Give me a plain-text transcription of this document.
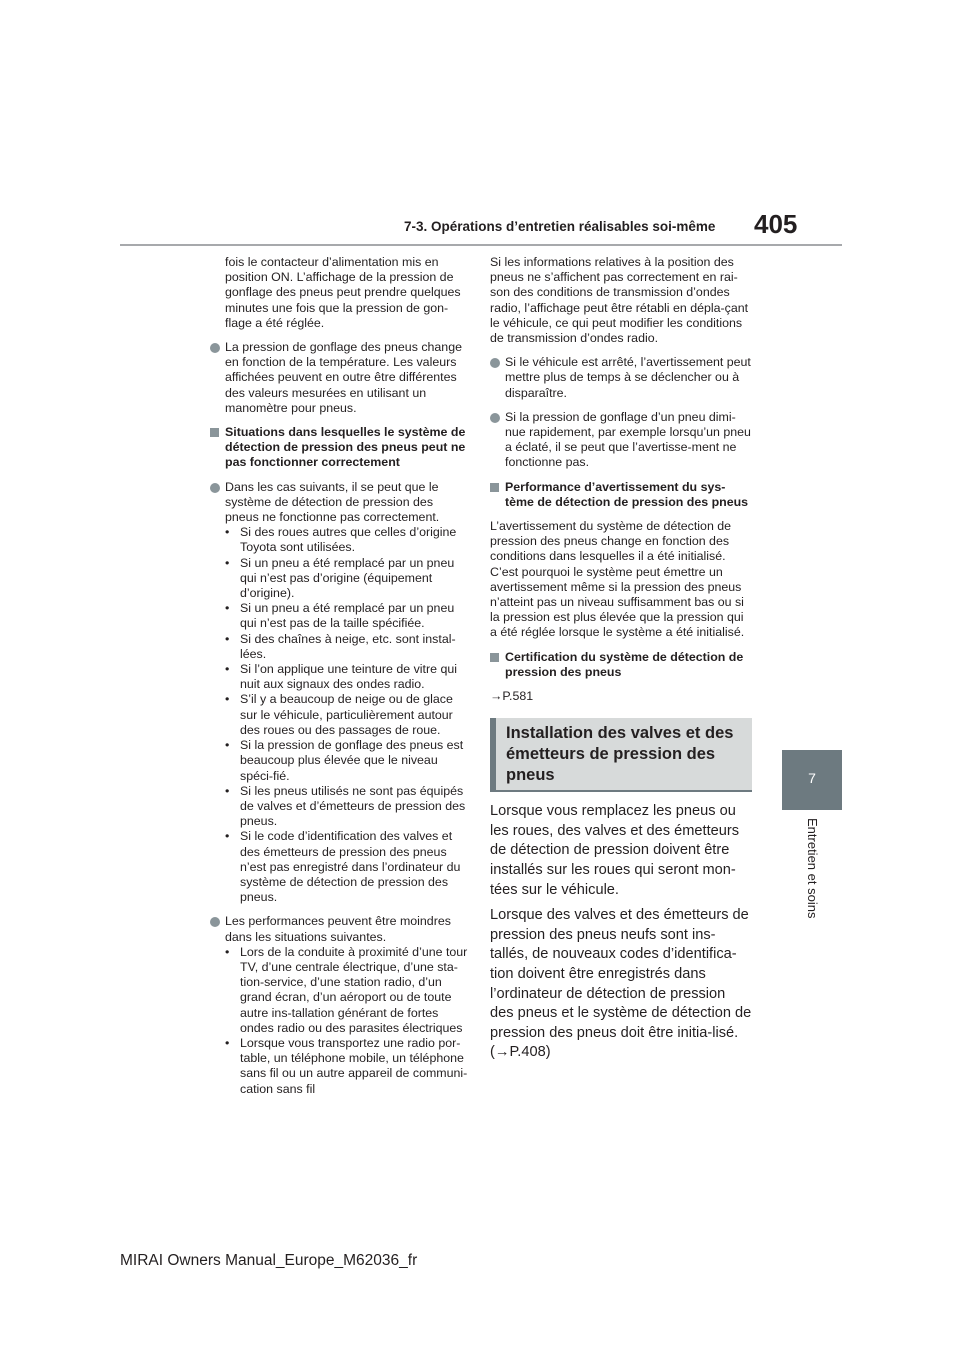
7-3. Opérations d’entretien réalisables soi-même 405
7
Entretien et soins

fois le contacteur d’alimentation mis en position ON. L’affichage de la pression de gonflage des pneus peut prendre quelques minutes une fois que la pression de gon-flage a été réglée.

La pression de gonflage des pneus change en fonction de la température. Les valeurs affichées peuvent en outre être différentes des valeurs mesurées en utilisant un manomètre pour pneus.

Situations dans lesquelles le système de détection de pression des pneus peut ne pas fonctionner correctement

Dans les cas suivants, il se peut que le système de détection de pression des pneus ne fonctionne pas correctement.

• Si des roues autres que celles d’origine Toyota sont utilisées.

• Si un pneu a été remplacé par un pneu qui n’est pas d’origine (équipement d’origine).

• Si un pneu a été remplacé par un pneu qui n’est pas de la taille spécifiée.

• Si des chaînes à neige, etc. sont instal-lées.

• Si l’on applique une teinture de vitre qui nuit aux signaux des ondes radio.

• S’il y a beaucoup de neige ou de glace sur le véhicule, particulièrement autour des roues ou des passages de roue.

• Si la pression de gonflage des pneus est beaucoup plus élevée que le niveau spéci-fié.

• Si les pneus utilisés ne sont pas équipés de valves et d’émetteurs de pression des pneus.

• Si le code d’identification des valves et des émetteurs de pression des pneus n’est pas enregistré dans l’ordinateur du système de détection de pression des pneus.

Les performances peuvent être moindres dans les situations suivantes.

• Lors de la conduite à proximité d’une tour TV, d’une centrale électrique, d’une sta-tion-service, d’une station radio, d’un grand écran, d’un aéroport ou de toute autre ins-tallation générant de fortes ondes radio ou des parasites électriques

• Lorsque vous transportez une radio por-table, un téléphone mobile, un téléphone sans fil ou un autre appareil de communi-cation sans fil

Si les informations relatives à la position des pneus ne s’affichent pas correctement en rai-son des conditions de transmission d’ondes radio, l’affichage peut être rétabli en dépla-çant le véhicule, ce qui peut modifier les conditions de transmission d’ondes radio.

Si le véhicule est arrêté, l’avertissement peut mettre plus de temps à se déclencher ou à disparaître.

Si la pression de gonflage d’un pneu dimi-nue rapidement, par exemple lorsqu’un pneu a éclaté, il se peut que l’avertisse-ment ne fonctionne pas.

Performance d’avertissement du sys-tème de détection de pression des pneus

L’avertissement du système de détection de pression des pneus change en fonction des conditions dans lesquelles il a été initialisé. C’est pourquoi le système peut émettre un avertissement même si la pression des pneus n’atteint pas un niveau suffisamment bas ou si la pression est plus élevée que la pression qui a été réglée lorsque le système a été initialisé.

Certification du système de détection de pression des pneus

→P.581

Installation des valves et des émetteurs de pression des pneus

Lorsque vous remplacez les pneus ou les roues, des valves et des émetteurs de détection de pression doivent être installés sur les roues qui seront mon-tées sur le véhicule.

Lorsque des valves et des émetteurs de pression des pneus neufs sont ins-tallés, de nouveaux codes d’identifica-tion doivent être enregistrés dans l’ordinateur de détection de pression des pneus et le système de détection de pression des pneus doit être initia-lisé. (→P.408)

MIRAI Owners Manual_Europe_M62036_fr
